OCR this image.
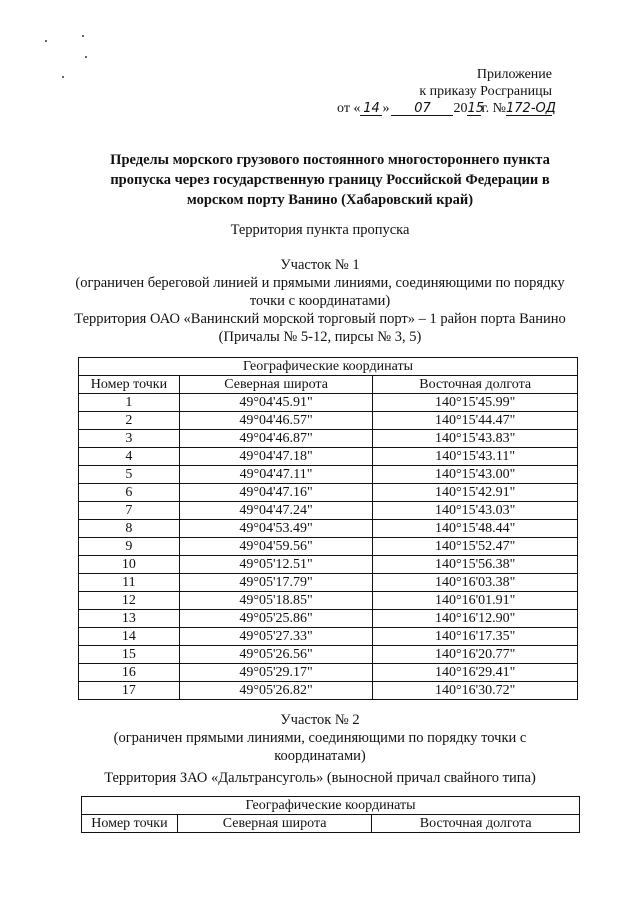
Приложение
к приказу Росграницы
от « 14 » 07 2015г. №172-ОД
Пределы морского грузового постоянного многостороннего пункта
пропуска через государственную границу Российской Федерации в
морском порту Ванино (Хабаровский край)
Территория пункта пропуска
Участок № 1
(ограничен береговой линией и прямыми линиями, соединяющими по порядку
точки с координатами)
Территория ОАО «Ванинский морской торговый порт» – 1 район порта Ванино
(Причалы № 5-12, пирсы № 3, 5)
Географические координаты		
Номер точки	Северная широта	Восточная долгота
1	49°04'45.91"	140°15'45.99"
2	49°04'46.57"	140°15'44.47"
3	49°04'46.87"	140°15'43.83"
4	49°04'47.18"	140°15'43.11"
5	49°04'47.11"	140°15'43.00"
6	49°04'47.16"	140°15'42.91"
7	49°04'47.24"	140°15'43.03"
8	49°04'53.49"	140°15'48.44"
9	49°04'59.56"	140°15'52.47"
10	49°05'12.51"	140°15'56.38"
11	49°05'17.79"	140°16'03.38"
12	49°05'18.85"	140°16'01.91"
13	49°05'25.86"	140°16'12.90"
14	49°05'27.33"	140°16'17.35"
15	49°05'26.56"	140°16'20.77"
16	49°05'29.17"	140°16'29.41"
17	49°05'26.82"	140°16'30.72"
Участок № 2
(ограничен прямыми линиями, соединяющими по порядку точки с
координатами)
Территория ЗАО «Дальтрансуголь» (выносной причал свайного типа)
Географические координаты
Номер точки	Северная широта	Восточная долгота
